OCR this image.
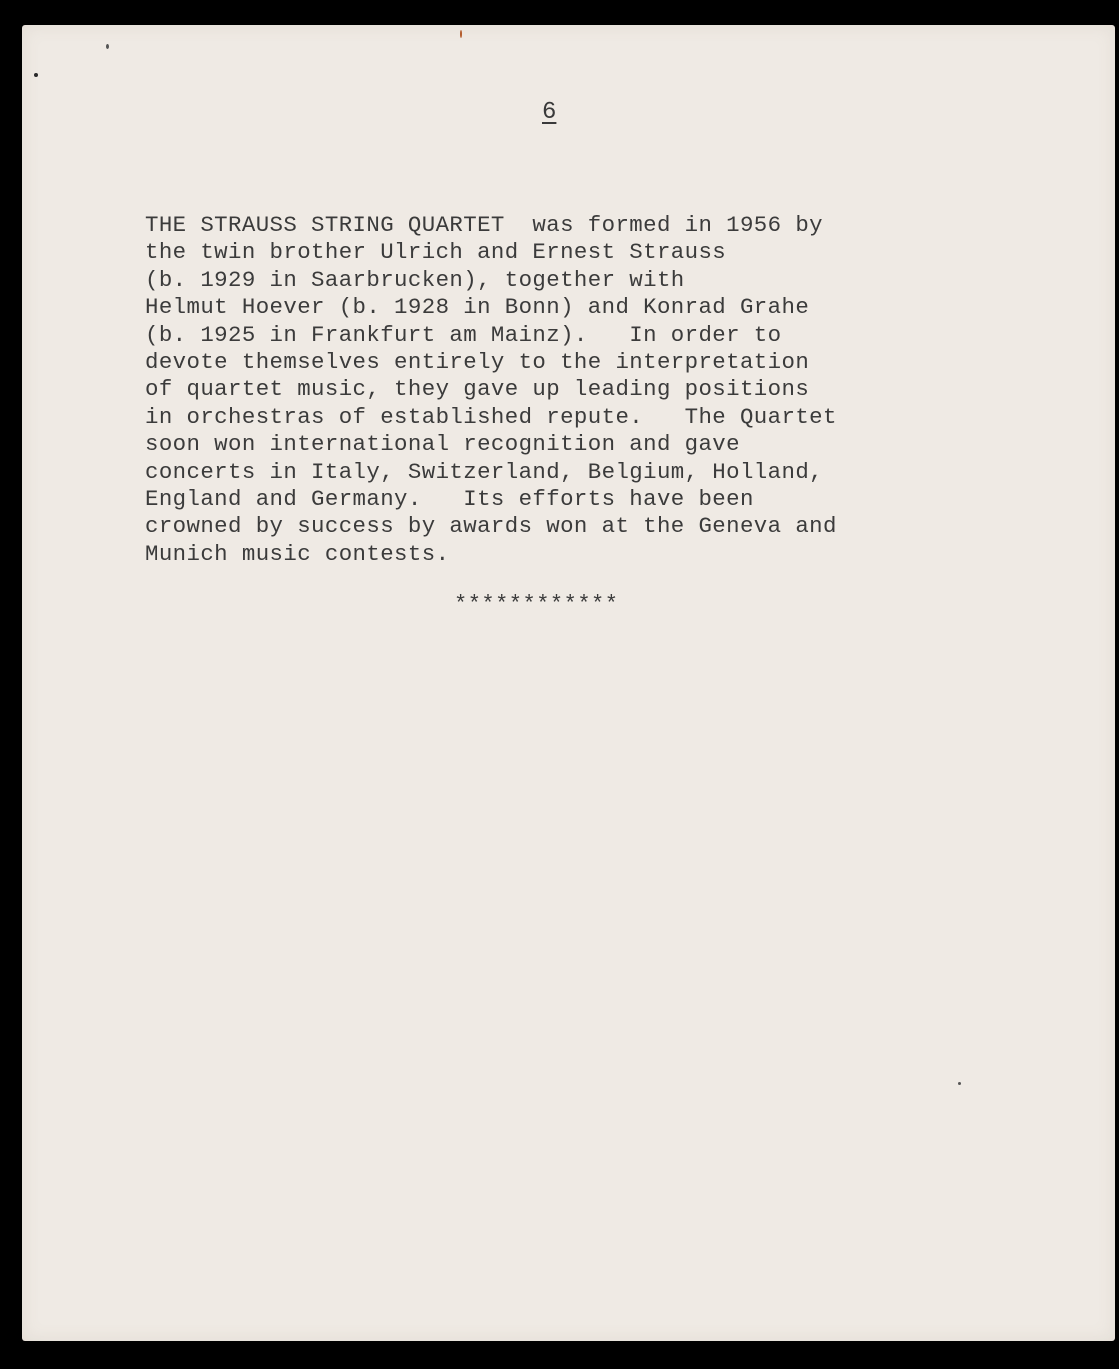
6
THE STRAUSS STRING QUARTET  was formed in 1956 by
the twin brother Ulrich and Ernest Strauss
(b. 1929 in Saarbrucken), together with
Helmut Hoever (b. 1928 in Bonn) and Konrad Grahe
(b. 1925 in Frankfurt am Mainz).   In order to
devote themselves entirely to the interpretation
of quartet music, they gave up leading positions
in orchestras of established repute.   The Quartet
soon won international recognition and gave
concerts in Italy, Switzerland, Belgium, Holland,
England and Germany.   Its efforts have been
crowned by success by awards won at the Geneva and
Munich music contests.
************
